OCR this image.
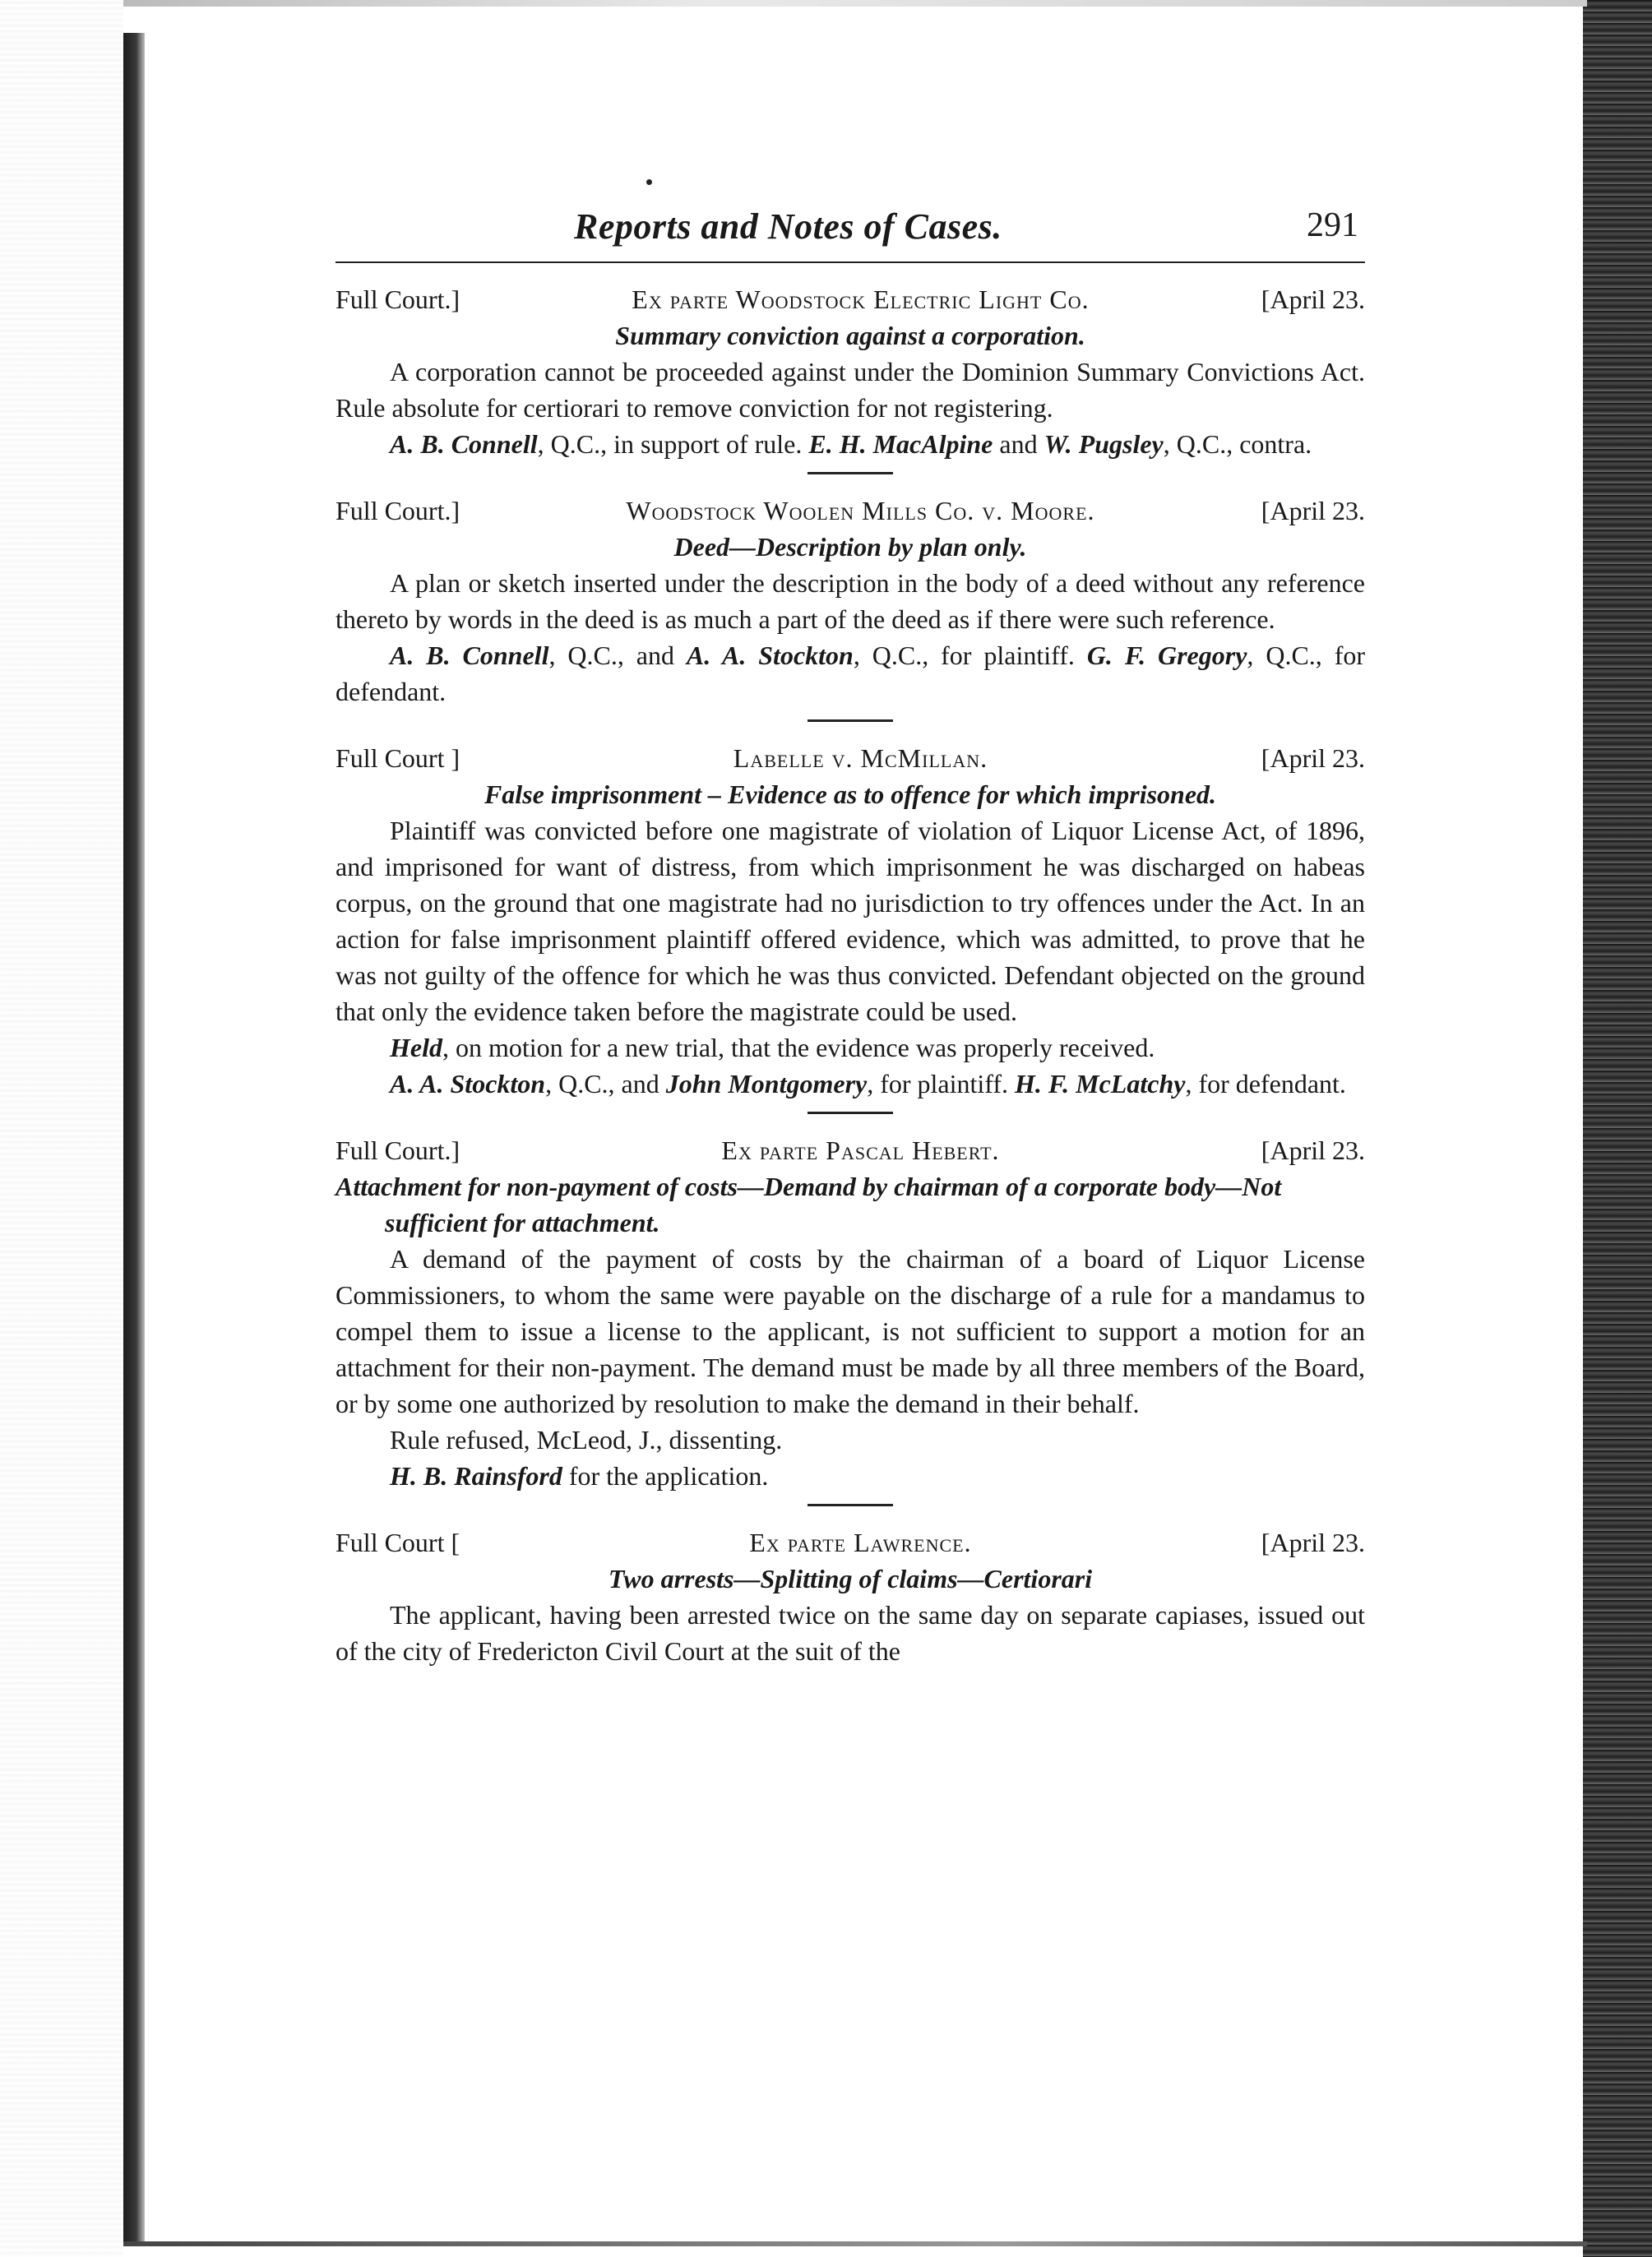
Reports and Notes of Cases.	291
Full Court.]	Ex parte Woodstock Electric Light Co.	[April 23.
Summary conviction against a corporation.

A corporation cannot be proceeded against under the Dominion Summary Convictions Act. Rule absolute for certiorari to remove conviction for not registering.

A. B. Connell, Q.C., in support of rule. E. H. MacAlpine and W. Pugsley, Q.C., contra.

Full Court.]	Woodstock Woolen Mills Co. v. Moore.	[April 23.
Deed—Description by plan only.

A plan or sketch inserted under the description in the body of a deed without any reference thereto by words in the deed is as much a part of the deed as if there were such reference.

A. B. Connell, Q.C., and A. A. Stockton, Q.C., for plaintiff. G. F. Gregory, Q.C., for defendant.

Full Court ]	Labelle v. McMillan.	[April 23.
False imprisonment – Evidence as to offence for which imprisoned.

Plaintiff was convicted before one magistrate of violation of Liquor License Act, of 1896, and imprisoned for want of distress, from which imprisonment he was discharged on habeas corpus, on the ground that one magistrate had no jurisdiction to try offences under the Act. In an action for false imprisonment plaintiff offered evidence, which was admitted, to prove that he was not guilty of the offence for which he was thus convicted. Defendant objected on the ground that only the evidence taken before the magistrate could be used.

Held, on motion for a new trial, that the evidence was properly received.

A. A. Stockton, Q.C., and John Montgomery, for plaintiff. H. F. McLatchy, for defendant.

Full Court.]	Ex parte Pascal Hebert.	[April 23.
Attachment for non-payment of costs—Demand by chairman of a corporate body—Not sufficient for attachment.

A demand of the payment of costs by the chairman of a board of Liquor License Commissioners, to whom the same were payable on the discharge of a rule for a mandamus to compel them to issue a license to the applicant, is not sufficient to support a motion for an attachment for their non-payment. The demand must be made by all three members of the Board, or by some one authorized by resolution to make the demand in their behalf.

Rule refused, McLeod, J., dissenting.

H. B. Rainsford for the application.

Full Court [	Ex parte Lawrence.	[April 23.
Two arrests—Splitting of claims—Certiorari

The applicant, having been arrested twice on the same day on separate capiases, issued out of the city of Fredericton Civil Court at the suit of the
